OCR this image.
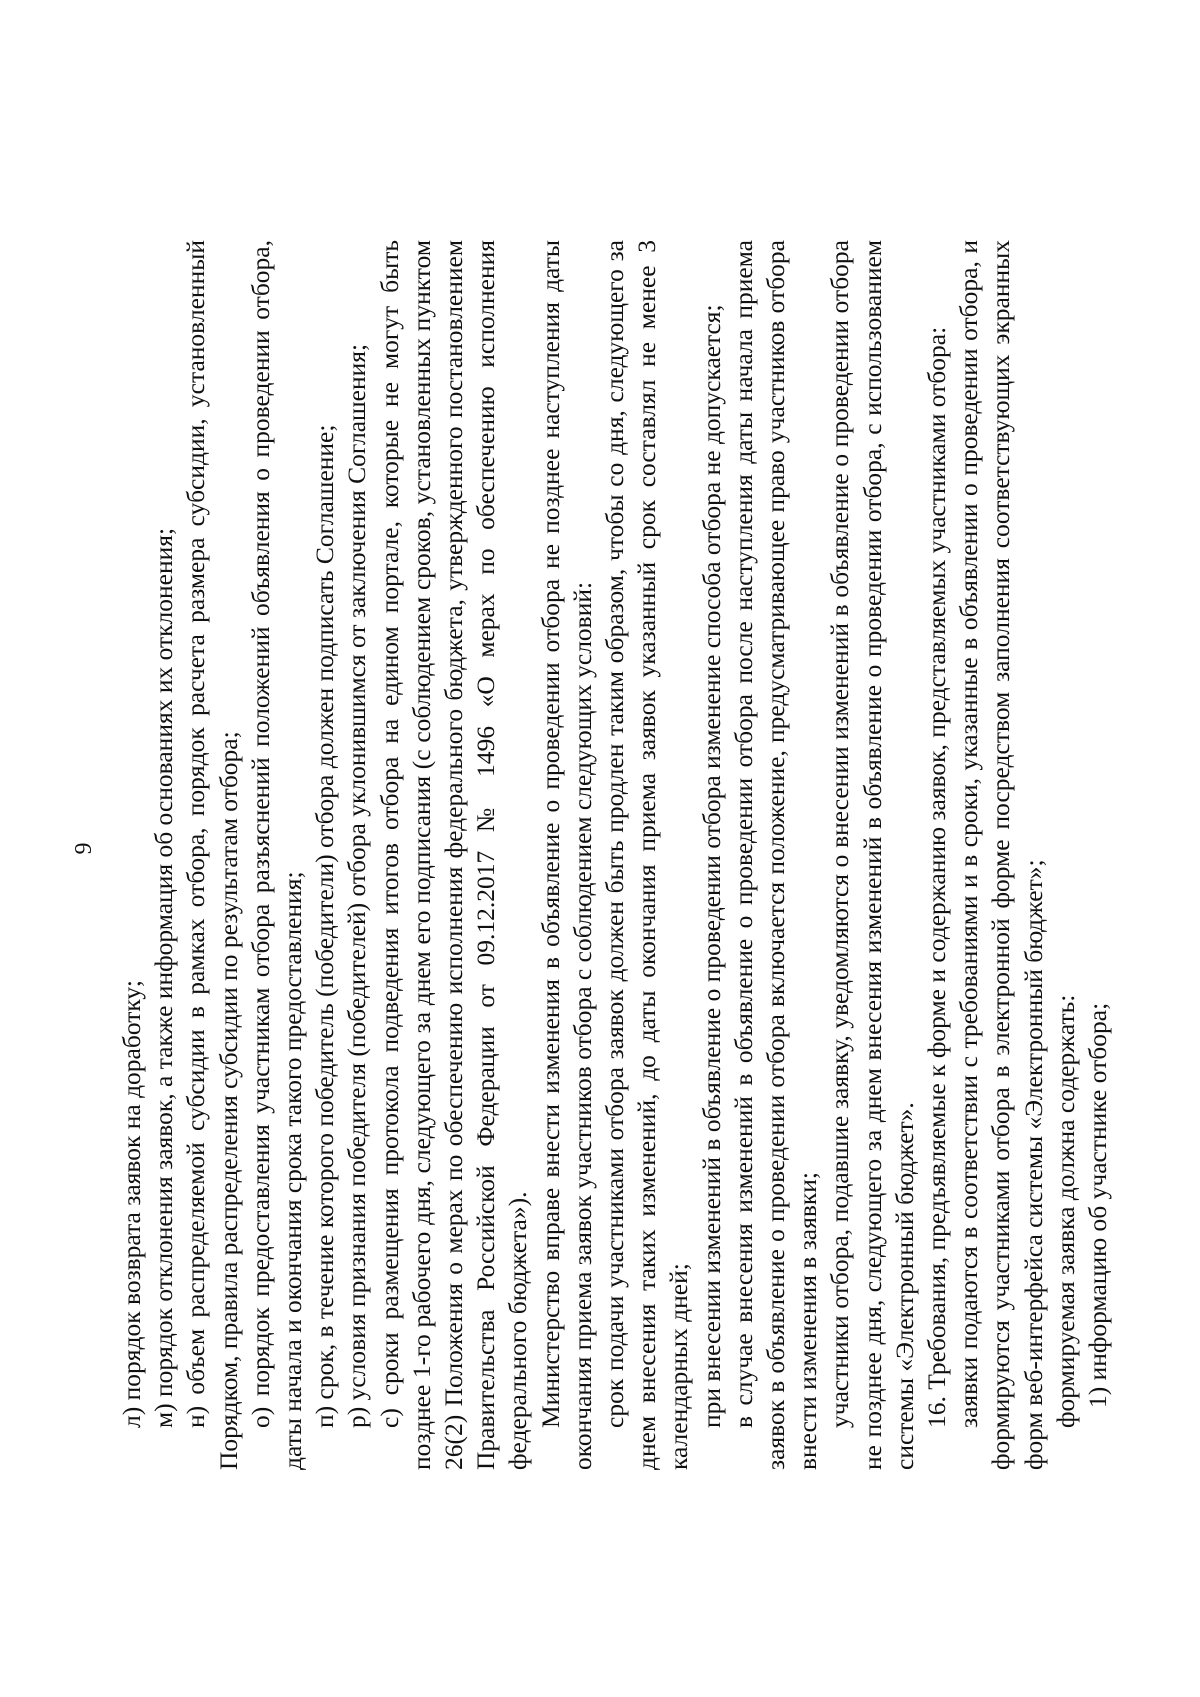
9

л) порядок возврата заявок на доработку; м) порядок отклонения заявок, а также информация об основаниях их отклонения; н) объем распределяемой субсидии в рамках отбора, порядок расчета размера субсидии, установленный Порядком, правила распределения субсидии по результатам отбора; о) порядок предоставления участникам отбора разъяснений положений объявления о проведении отбора, даты начала и окончания срока такого предоставления; п) срок, в течение которого победитель (победители) отбора должен подписать Соглашение; р) условия признания победителя (победителей) отбора уклонившимся от заключения Соглашения; с) сроки размещения протокола подведения итогов отбора на едином портале, которые не могут быть позднее 1-го рабочего дня, следующего за днем его подписания (с соблюдением сроков, установленных пунктом 26(2) Положения о мерах по обеспечению исполнения федерального бюджета, утвержденного постановлением Правительства Российской Федерации от 09.12.2017 № 1496 «О мерах по обеспечению исполнения федерального бюджета»). Министерство вправе внести изменения в объявление о проведении отбора не позднее наступления даты окончания приема заявок участников отбора с соблюдением следующих условий: срок подачи участниками отбора заявок должен быть продлен таким образом, чтобы со дня, следующего за днем внесения таких изменений, до даты окончания приема заявок указанный срок составлял не менее 3 календарных дней; при внесении изменений в объявление о проведении отбора изменение способа отбора не допускается; в случае внесения изменений в объявление о проведении отбора после наступления даты начала приема заявок в объявление о проведении отбора включается положение, предусматривающее право участников отбора внести изменения в заявки; участники отбора, подавшие заявку, уведомляются о внесении изменений в объявление о проведении отбора не позднее дня, следующего за днем внесения изменений в объявление о проведении отбора, с использованием системы «Электронный бюджет». 16. Требования, предъявляемые к форме и содержанию заявок, представляемых участниками отбора: заявки подаются в соответствии с требованиями и в сроки, указанные в объявлении о проведении отбора, и формируются участниками отбора в электронной форме посредством заполнения соответствующих экранных форм веб-интерфейса системы «Электронный бюджет»; формируемая заявка должна содержать: 1) информацию об участнике отбора;
